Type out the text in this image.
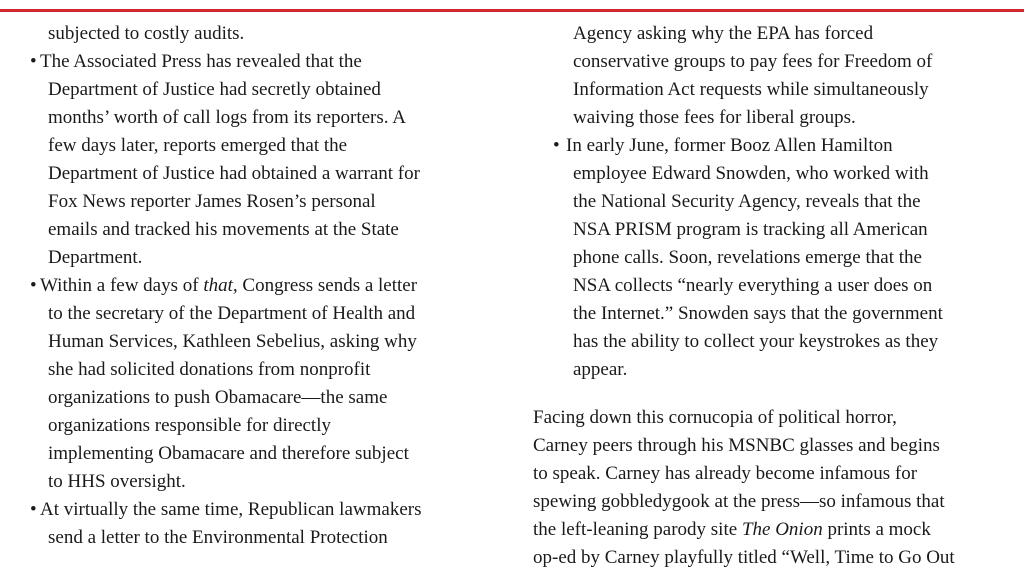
subjected to costly audits.
• The Associated Press has revealed that the
Department of Justice had secretly obtained
months’ worth of call logs from its reporters. A
few days later, reports emerged that the
Department of Justice had obtained a warrant for
Fox News reporter James Rosen’s personal
emails and tracked his movements at the State
Department.
• Within a few days of that, Congress sends a letter
to the secretary of the Department of Health and
Human Services, Kathleen Sebelius, asking why
she had solicited donations from nonprofit
organizations to push Obamacare—the same
organizations responsible for directly
implementing Obamacare and therefore subject
to HHS oversight.
• At virtually the same time, Republican lawmakers
send a letter to the Environmental Protection
Agency asking why the EPA has forced
conservative groups to pay fees for Freedom of
Information Act requests while simultaneously
waiving those fees for liberal groups.
• In early June, former Booz Allen Hamilton
employee Edward Snowden, who worked with
the National Security Agency, reveals that the
NSA PRISM program is tracking all American
phone calls. Soon, revelations emerge that the
NSA collects “nearly everything a user does on
the Internet.” Snowden says that the government
has the ability to collect your keystrokes as they
appear.
Facing down this cornucopia of political horror,
Carney peers through his MSNBC glasses and begins
to speak. Carney has already become infamous for
spewing gobbledygook at the press—so infamous that
the left-leaning parody site The Onion prints a mock
op-ed by Carney playfully titled “Well, Time to Go Out
